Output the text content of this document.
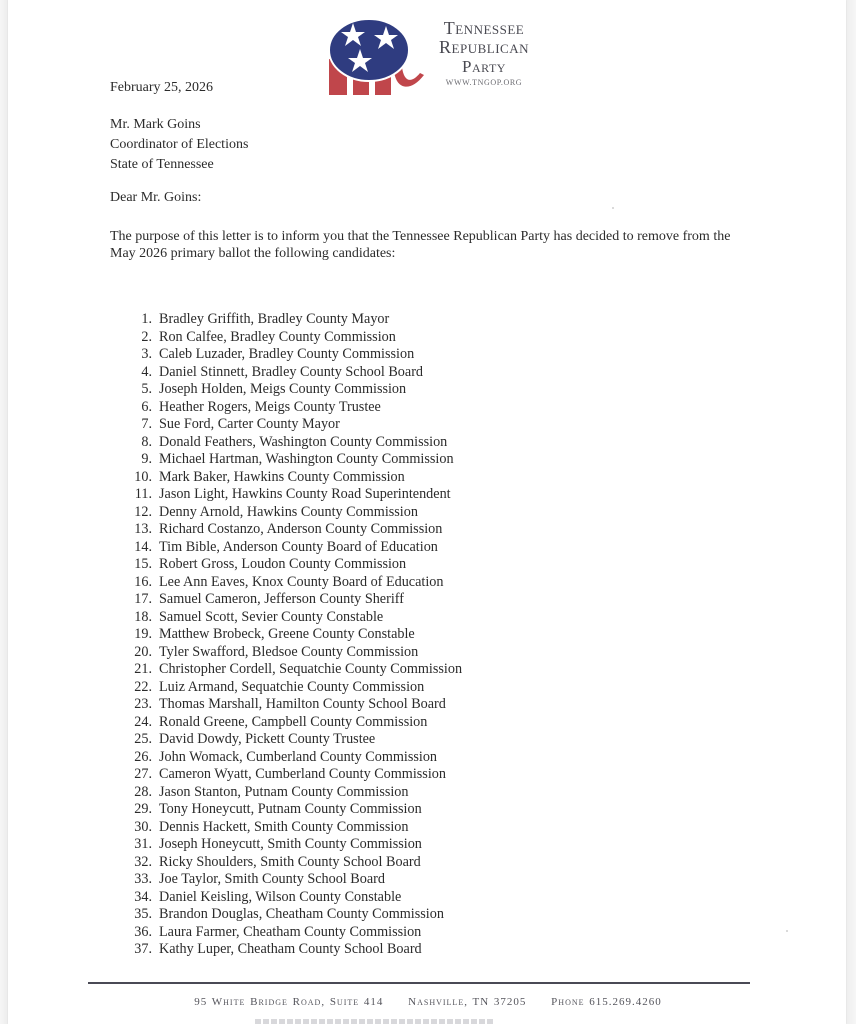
Tennessee
Republican
Party
WWW.TNGOP.ORG
February 25, 2026
Mr. Mark Goins
Coordinator of Elections
State of Tennessee
Dear Mr. Goins:
The purpose of this letter is to inform you that the Tennessee Republican Party has decided to remove from the May 2026 primary ballot the following candidates:
1. Bradley Griffith, Bradley County Mayor
2. Ron Calfee, Bradley County Commission
3. Caleb Luzader, Bradley County Commission
4. Daniel Stinnett, Bradley County School Board
5. Joseph Holden, Meigs County Commission
6. Heather Rogers, Meigs County Trustee
7. Sue Ford, Carter County Mayor
8. Donald Feathers, Washington County Commission
9. Michael Hartman, Washington County Commission
10. Mark Baker, Hawkins County Commission
11. Jason Light, Hawkins County Road Superintendent
12. Denny Arnold, Hawkins County Commission
13. Richard Costanzo, Anderson County Commission
14. Tim Bible, Anderson County Board of Education
15. Robert Gross, Loudon County Commission
16. Lee Ann Eaves, Knox County Board of Education
17. Samuel Cameron, Jefferson County Sheriff
18. Samuel Scott, Sevier County Constable
19. Matthew Brobeck, Greene County Constable
20. Tyler Swafford, Bledsoe County Commission
21. Christopher Cordell, Sequatchie County Commission
22. Luiz Armand, Sequatchie County Commission
23. Thomas Marshall, Hamilton County School Board
24. Ronald Greene, Campbell County Commission
25. David Dowdy, Pickett County Trustee
26. John Womack, Cumberland County Commission
27. Cameron Wyatt, Cumberland County Commission
28. Jason Stanton, Putnam County Commission
29. Tony Honeycutt, Putnam County Commission
30. Dennis Hackett, Smith County Commission
31. Joseph Honeycutt, Smith County Commission
32. Ricky Shoulders, Smith County School Board
33. Joe Taylor, Smith County School Board
34. Daniel Keisling, Wilson County Constable
35. Brandon Douglas, Cheatham County Commission
36. Laura Farmer, Cheatham County Commission
37. Kathy Luper, Cheatham County School Board
95 White Bridge Road, Suite 414 Nashville, TN 37205 Phone 615.269.4260
